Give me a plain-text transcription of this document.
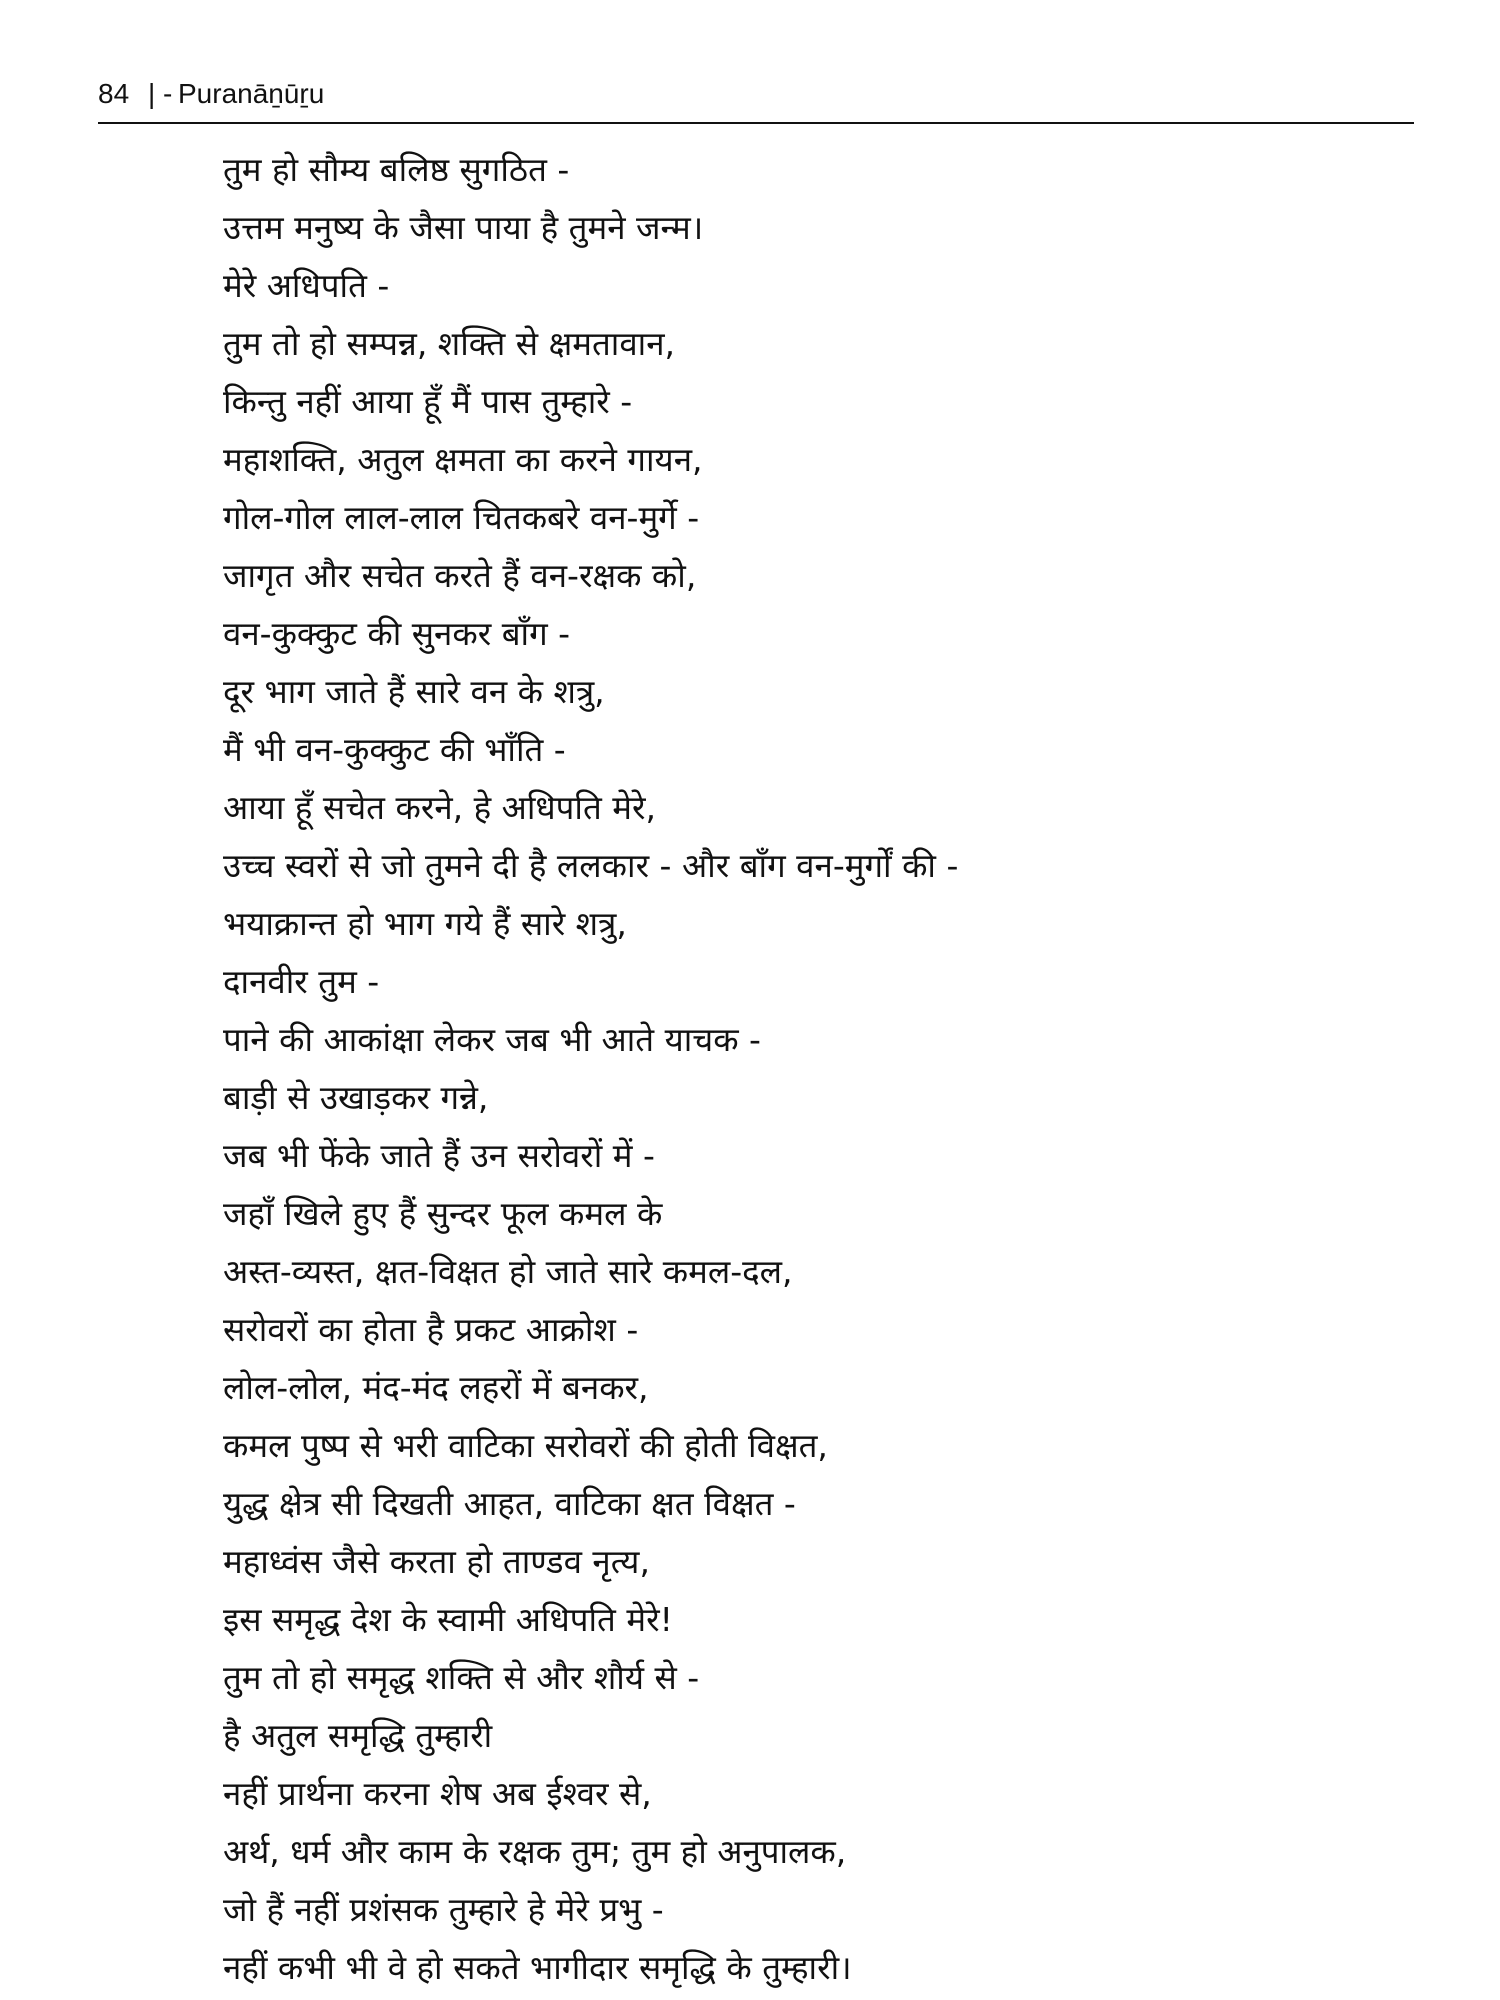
84 | - Puranāṉūṟu
तुम हो सौम्य बलिष्ठ सुगठित -
उत्तम मनुष्य के जैसा पाया है तुमने जन्म।
मेरे अधिपति -
तुम तो हो सम्पन्न, शक्ति से क्षमतावान,
किन्तु नहीं आया हूँ मैं पास तुम्हारे -
महाशक्ति, अतुल क्षमता का करने गायन,
गोल-गोल लाल-लाल चितकबरे वन-मुर्गे -
जागृत और सचेत करते हैं वन-रक्षक को,
वन-कुक्कुट की सुनकर बाँग -
दूर भाग जाते हैं सारे वन के शत्रु,
मैं भी वन-कुक्कुट की भाँति -
आया हूँ सचेत करने, हे अधिपति मेरे,
उच्च स्वरों से जो तुमने दी है ललकार - और बाँग वन-मुर्गों की -
भयाक्रान्त हो भाग गये हैं सारे शत्रु,
दानवीर तुम -
पाने की आकांक्षा लेकर जब भी आते याचक -
बाड़ी से उखाड़कर गन्ने,
जब भी फेंके जाते हैं उन सरोवरों में -
जहाँ खिले हुए हैं सुन्दर फूल कमल के
अस्त-व्यस्त, क्षत-विक्षत हो जाते सारे कमल-दल,
सरोवरों का होता है प्रकट आक्रोश -
लोल-लोल, मंद-मंद लहरों में बनकर,
कमल पुष्प से भरी वाटिका सरोवरों की होती विक्षत,
युद्ध क्षेत्र सी दिखती आहत, वाटिका क्षत विक्षत -
महाध्वंस जैसे करता हो ताण्डव नृत्य,
इस समृद्ध देश के स्वामी अधिपति मेरे!
तुम तो हो समृद्ध शक्ति से और शौर्य से -
है अतुल समृद्धि तुम्हारी
नहीं प्रार्थना करना शेष अब ईश्वर से,
अर्थ, धर्म और काम के रक्षक तुम; तुम हो अनुपालक,
जो हैं नहीं प्रशंसक तुम्हारे हे मेरे प्रभु -
नहीं कभी भी वे हो सकते भागीदार समृद्धि के तुम्हारी।
